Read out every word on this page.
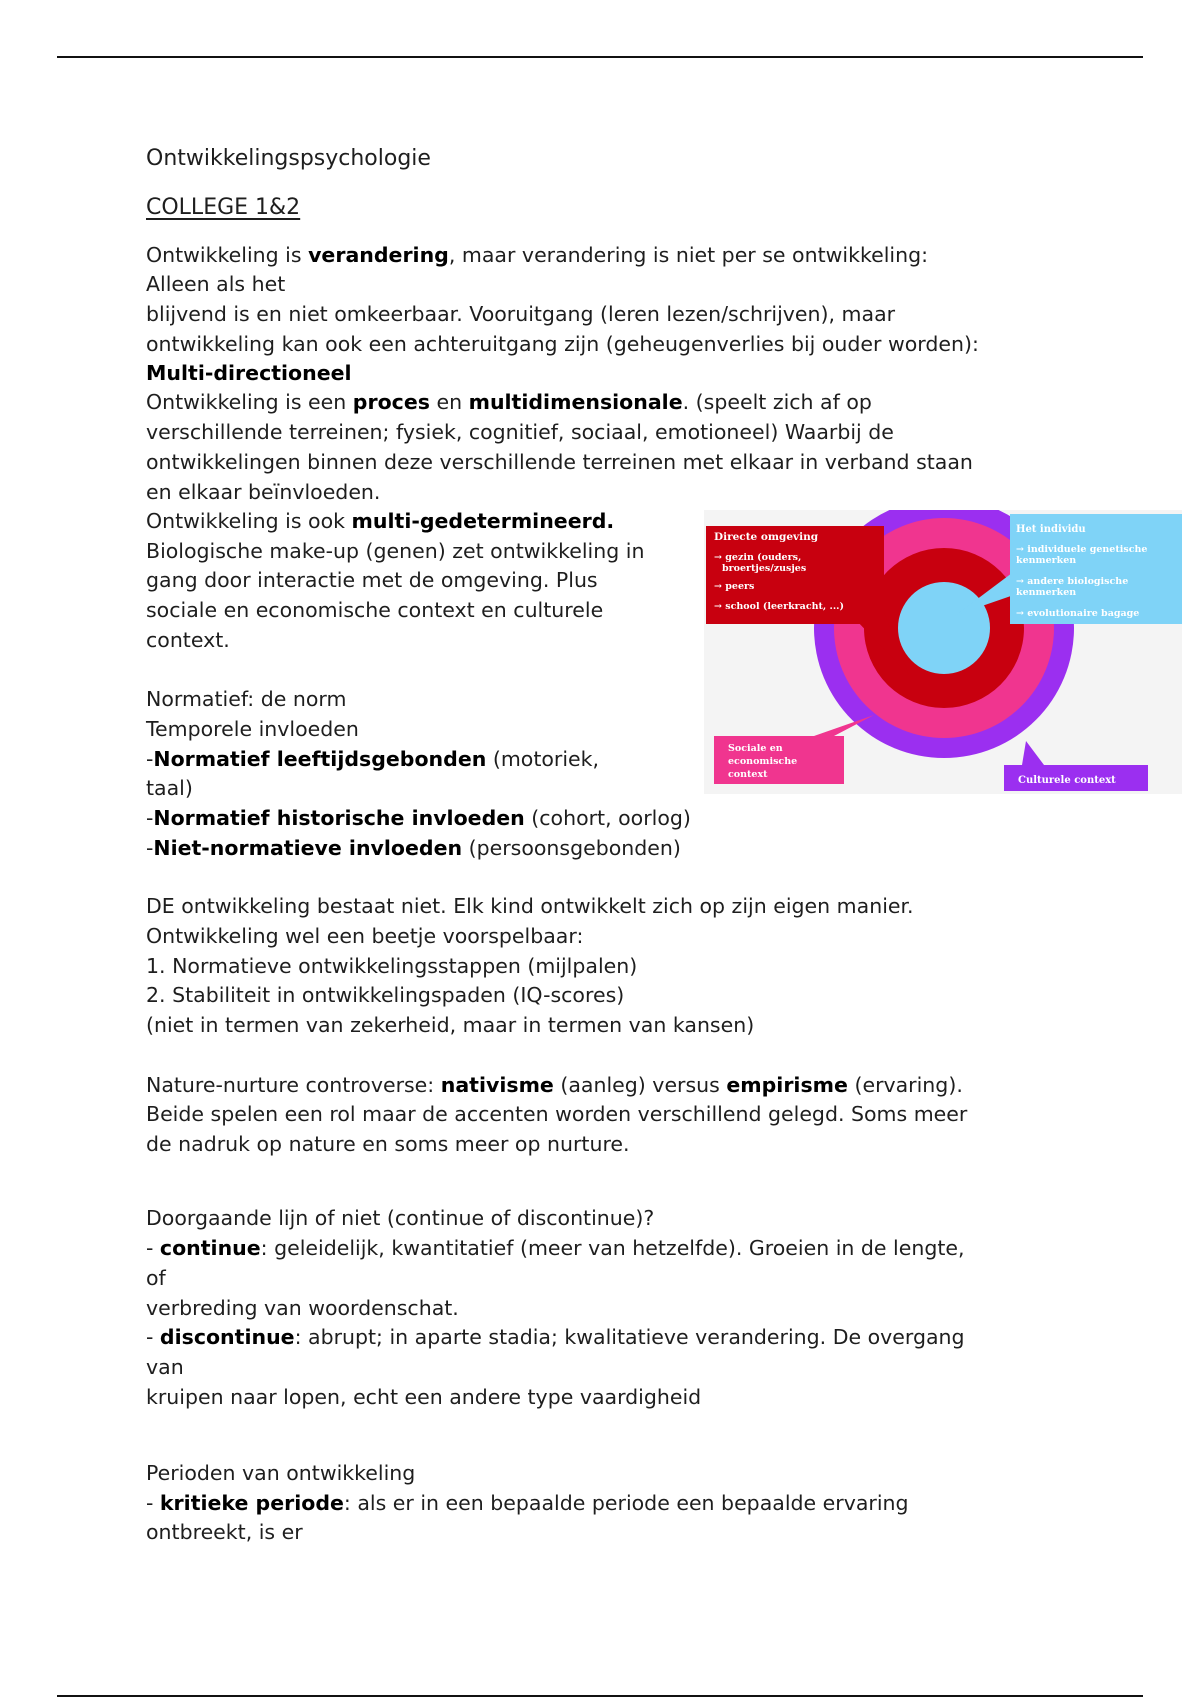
Ontwikkelingspsychologie
COLLEGE 1&2
Ontwikkeling is verandering, maar verandering is niet per se ontwikkeling:
Alleen als het
blijvend is en niet omkeerbaar. Vooruitgang (leren lezen/schrijven), maar
ontwikkeling kan ook een achteruitgang zijn (geheugenverlies bij ouder worden):
Multi-directioneel
Ontwikkeling is een proces en multidimensionale. (speelt zich af op
verschillende terreinen; fysiek, cognitief, sociaal, emotioneel) Waarbij de
ontwikkelingen binnen deze verschillende terreinen met elkaar in verband staan
en elkaar beïnvloeden.
Ontwikkeling is ook multi-gedetermineerd.
Biologische make-up (genen) zet ontwikkeling in
gang door interactie met de omgeving. Plus
sociale en economische context en culturele
context.
Normatief: de norm
Temporele invloeden
-Normatief leeftijdsgebonden (motoriek,
taal)
-Normatief historische invloeden (cohort, oorlog)
-Niet-normatieve invloeden (persoonsgebonden)
DE ontwikkeling bestaat niet. Elk kind ontwikkelt zich op zijn eigen manier.
Ontwikkeling wel een beetje voorspelbaar:
1. Normatieve ontwikkelingsstappen (mijlpalen)
2. Stabiliteit in ontwikkelingspaden (IQ-scores)
(niet in termen van zekerheid, maar in termen van kansen)
Nature-nurture controverse: nativisme (aanleg) versus empirisme (ervaring).
Beide spelen een rol maar de accenten worden verschillend gelegd. Soms meer
de nadruk op nature en soms meer op nurture.
Doorgaande lijn of niet (continue of discontinue)?
- continue: geleidelijk, kwantitatief (meer van hetzelfde). Groeien in de lengte,
of
verbreding van woordenschat.
- discontinue: abrupt; in aparte stadia; kwalitatieve verandering. De overgang
van
kruipen naar lopen, echt een andere type vaardigheid
Perioden van ontwikkeling
- kritieke periode: als er in een bepaalde periode een bepaalde ervaring
ontbreekt, is er
Directe omgeving
→ gezin (ouders,
broertjes/zusjes
→ peers
→ school (leerkracht, ...)
Het individu
→ individuele genetische
kenmerken
→ andere biologische
kenmerken
→ evolutionaire bagage
Sociale en
economische
context
Culturele context
